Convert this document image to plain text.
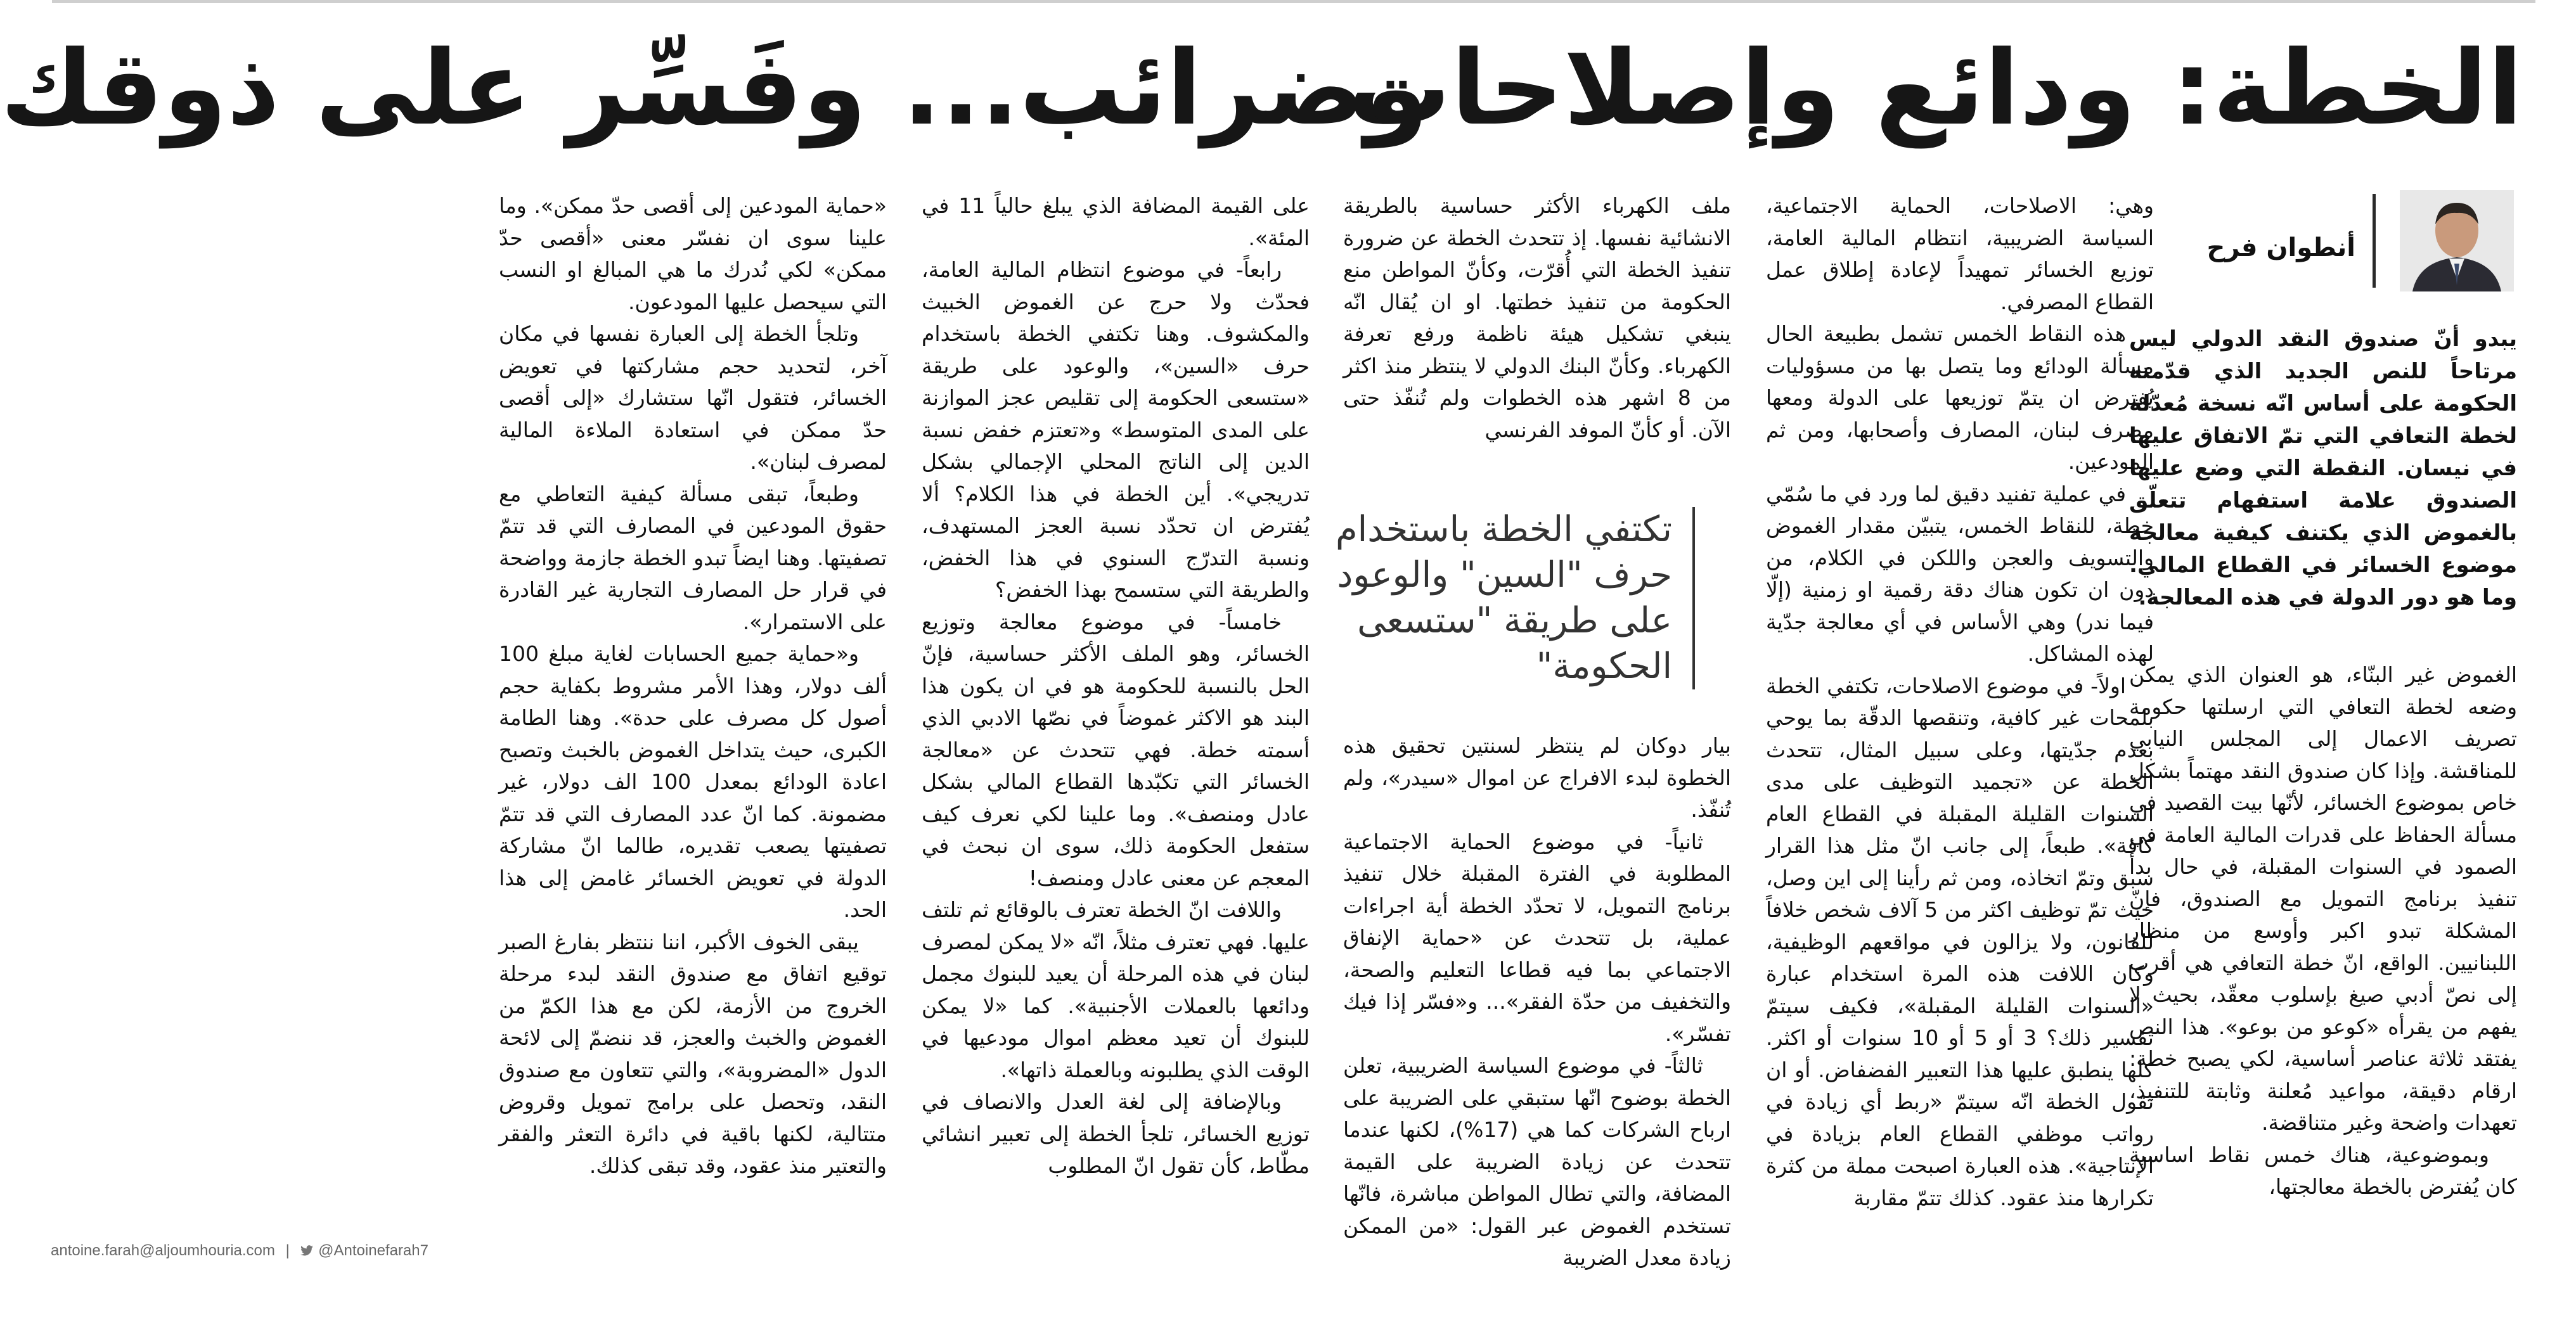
الخطة: ودائع وإصلاحات
وضرائب... وفَسِّر على ذوقك
أنطوان فرح
يبدو أنّ صندوق النقد الدولي ليس مرتاحاً للنص الجديد الذي قدّمته الحكومة على أساس انّه نسخة مُعدّلة لخطة التعافي التي تمّ الاتفاق عليها في نيسان. النقطة التي وضع عليها الصندوق علامة استفهام تتعلّق بالغموض الذي يكتنف كيفية معالجة موضوع الخسائر في القطاع المالي. وما هو دور الدولة في هذه المعالجة.

الغموض غير البنّاء، هو العنوان الذي يمكن وضعه لخطة التعافي التي ارسلتها حكومة تصريف الاعمال إلى المجلس النيابي للمناقشة. وإذا كان صندوق النقد مهتماً بشكل خاص بموضوع الخسائر، لأنّها بيت القصيد في مسألة الحفاظ على قدرات المالية العامة في الصمود في السنوات المقبلة، في حال بدأ تنفيذ برنامج التمويل مع الصندوق، فإنّ المشكلة تبدو اكبر وأوسع من منظار اللبنانيين. الواقع، انّ خطة التعافي هي أقرب إلى نصّ أدبي صيغ بإسلوب معقّد، بحيث لا يفهم من يقرأه «كوعو من بوعو». هذا النص يفتقد ثلاثة عناصر أساسية، لكي يصبح خطة: ارقام دقيقة، مواعيد مُعلنة وثابتة للتنفيذ، تعهدات واضحة وغير متناقضة.

وبموضوعية، هناك خمس نقاط اساسية كان يُفترض بالخطة معالجتها،

وهي: الاصلاحات، الحماية الاجتماعية، السياسة الضريبية، انتظام المالية العامة، توزيع الخسائر تمهيداً لإعادة إطلاق عمل القطاع المصرفي.

هذه النقاط الخمس تشمل بطبيعة الحال مسألة الودائع وما يتصل بها من مسؤوليات يُفترض ان يتمّ توزيعها على الدولة ومعها مصرف لبنان، المصارف وأصحابها، ومن ثم المودعين.

في عملية تفنيد دقيق لما ورد في ما سُمّي خطة، للنقاط الخمس، يتبيّن مقدار الغموض والتسويف والعجن واللكن في الكلام، من دون ان تكون هناك دقة رقمية او زمنية (إلّا فيما ندر) وهي الأساس في أي معالجة جدّية لهذه المشاكل.

اولاً- في موضوع الاصلاحات، تكتفي الخطة بلمحات غير كافية، وتنقصها الدقّة بما يوحي بعدم جدّيتها، وعلى سبيل المثال، تتحدث الخطة عن «تجميد التوظيف على مدى السنوات القليلة المقبلة في القطاع العام كافة». طبعاً، إلى جانب انّ مثل هذا القرار سبق وتمّ اتخاذه، ومن ثم رأينا إلى اين وصل، حيث تمّ توظيف اكثر من 5 آلاف شخص خلافاً للقانون، ولا يزالون في مواقعهم الوظيفية، وكان اللافت هذه المرة استخدام عبارة «السنوات القليلة المقبلة»، فكيف سيتمّ تفسير ذلك؟ 3 أو 5 أو 10 سنوات أو اكثر. كلها ينطبق عليها هذا التعبير الفضفاض. أو ان تقول الخطة انّه سيتمّ «ربط أي زيادة في رواتب موظفي القطاع العام بزيادة في الإنتاجية». هذه العبارة اصبحت مملة من كثرة تكرارها منذ عقود. كذلك تتمّ مقاربة

ملف الكهرباء الأكثر حساسية بالطريقة الانشائية نفسها. إذ تتحدث الخطة عن ضرورة تنفيذ الخطة التي أُقرّت، وكأنّ المواطن منع الحكومة من تنفيذ خطتها. او ان يُقال انّه ينبغي تشكيل هيئة ناظمة ورفع تعرفة الكهرباء. وكأنّ البنك الدولي لا ينتظر منذ اكثر من 8 اشهر هذه الخطوات ولم تُنفّذ حتى الآن. أو كأنّ الموفد الفرنسي

تكتفي الخطة باستخدام حرف "السين" والوعود على طريقة "ستسعى الحكومة"

بيار دوكان لم ينتظر لسنتين تحقيق هذه الخطوة لبدء الافراج عن اموال «سيدر»، ولم تُنفّذ.

ثانياً- في موضوع الحماية الاجتماعية المطلوبة في الفترة المقبلة خلال تنفيذ برنامج التمويل، لا تحدّد الخطة أية اجراءات عملية، بل تتحدث عن «حماية الإنفاق الاجتماعي بما فيه قطاعا التعليم والصحة، والتخفيف من حدّة الفقر»... و«فسّر إذا فيك تفسّر».

ثالثاً- في موضوع السياسة الضريبية، تعلن الخطة بوضوح انّها ستبقي على الضريبة على ارباح الشركات كما هي (17%)، لكنها عندما تتحدث عن زيادة الضريبة على القيمة المضافة، والتي تطال المواطن مباشرة، فانّها تستخدم الغموض عبر القول: «من الممكن زيادة معدل الضريبة

على القيمة المضافة الذي يبلغ حالياً 11 في المئة».

رابعاً- في موضوع انتظام المالية العامة، فحدّث ولا حرج عن الغموض الخبيث والمكشوف. وهنا تكتفي الخطة باستخدام حرف «السين»، والوعود على طريقة «ستسعى الحكومة إلى تقليص عجز الموازنة على المدى المتوسط» و«تعتزم خفض نسبة الدين إلى الناتج المحلي الإجمالي بشكل تدريجي». أين الخطة في هذا الكلام؟ ألا يُفترض ان تحدّد نسبة العجز المستهدف، ونسبة التدرّج السنوي في هذا الخفض، والطريقة التي ستسمح بهذا الخفض؟

خامساً- في موضوع معالجة وتوزيع الخسائر، وهو الملف الأكثر حساسية، فإنّ الحل بالنسبة للحكومة هو في ان يكون هذا البند هو الاكثر غموضاً في نصّها الادبي الذي أسمته خطة. فهي تتحدث عن «معالجة الخسائر التي تكبّدها القطاع المالي بشكل عادل ومنصف». وما علينا لكي نعرف كيف ستفعل الحكومة ذلك، سوى ان نبحث في المعجم عن معنى عادل ومنصف!

واللافت انّ الخطة تعترف بالوقائع ثم تلتف عليها. فهي تعترف مثلاً، انّه «لا يمكن لمصرف لبنان في هذه المرحلة أن يعيد للبنوك مجمل ودائعها بالعملات الأجنبية». كما «لا يمكن للبنوك أن تعيد معظم اموال مودعيها في الوقت الذي يطلبونه وبالعملة ذاتها».

وبالإضافة إلى لغة العدل والانصاف في توزيع الخسائر، تلجأ الخطة إلى تعبير انشائي مطّاط، كأن تقول انّ المطلوب

«حماية المودعين إلى أقصى حدّ ممكن». وما علينا سوى ان نفسّر معنى «أقصى حدّ ممكن» لكي نُدرك ما هي المبالغ او النسب التي سيحصل عليها المودعون.

وتلجأ الخطة إلى العبارة نفسها في مكان آخر، لتحديد حجم مشاركتها في تعويض الخسائر، فتقول انّها ستشارك «إلى أقصى حدّ ممكن في استعادة الملاءة المالية لمصرف لبنان».

وطبعاً، تبقى مسألة كيفية التعاطي مع حقوق المودعين في المصارف التي قد تتمّ تصفيتها. وهنا ايضاً تبدو الخطة جازمة وواضحة في قرار حل المصارف التجارية غير القادرة على الاستمرار».

و«حماية جميع الحسابات لغاية مبلغ 100 ألف دولار، وهذا الأمر مشروط بكفاية حجم أصول كل مصرف على حدة». وهنا الطامة الكبرى، حيث يتداخل الغموض بالخبث وتصبح اعادة الودائع بمعدل 100 الف دولار، غير مضمونة. كما انّ عدد المصارف التي قد تتمّ تصفيتها يصعب تقديره، طالما انّ مشاركة الدولة في تعويض الخسائر غامض إلى هذا الحد.

يبقى الخوف الأكبر، اننا ننتظر بفارغ الصبر توقيع اتفاق مع صندوق النقد لبدء مرحلة الخروج من الأزمة، لكن مع هذا الكمّ من الغموض والخبث والعجز، قد ننضمّ إلى لائحة الدول «المضروبة»، والتي تتعاون مع صندوق النقد، وتحصل على برامج تمويل وقروض متتالية، لكنها باقية في دائرة التعثر والفقر والتعتير منذ عقود، وقد تبقى كذلك.

antoine.farah@aljoumhouria.com | @Antoinefarah7
